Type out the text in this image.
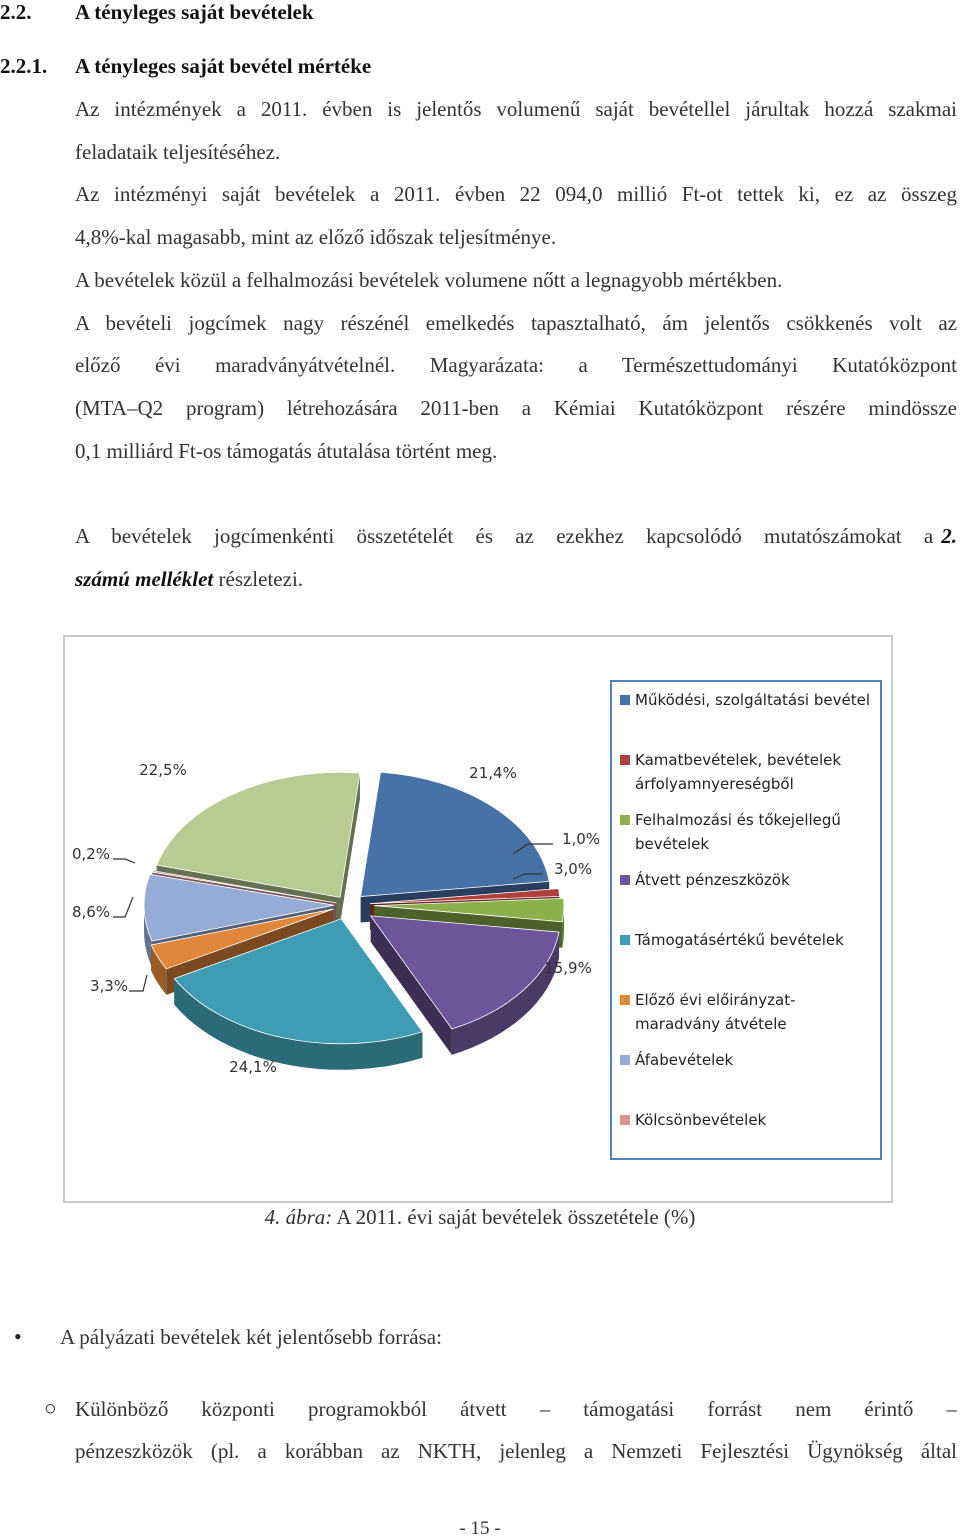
2.2. A tényleges saját bevételek
2.2.1. A tényleges saját bevétel mértéke
Az intézmények a 2011. évben is jelentős volumenű saját bevétellel járultak hozzá szakmai
feladataik teljesítéséhez.
Az intézményi saját bevételek a 2011. évben 22 094,0 millió Ft-ot tettek ki, ez az összeg
4,8%-kal magasabb, mint az előző időszak teljesítménye.
A bevételek közül a felhalmozási bevételek volumene nőtt a legnagyobb mértékben.
A bevételi jogcímek nagy részénél emelkedés tapasztalható, ám jelentős csökkenés volt az
előző évi maradványátvételnél. Magyarázata: a Természettudományi Kutatóközpont
(MTA–Q2 program) létrehozására 2011-ben a Kémiai Kutatóközpont részére mindössze
0,1 milliárd Ft-os támogatás átutalása történt meg.
A bevételek jogcímenkénti összetételét és az ezekhez kapcsolódó mutatószámokat a 2.
számú melléklet részletezi.
21,4%
1,0%
3,0%
15,9%
24,1%
3,3%
8,6%
0,2%
22,5%
Működési, szolgáltatási bevétel
Kamatbevételek, bevételek árfolyamnyereségből
Felhalmozási és tőkejellegű bevételek
Átvett pénzeszközök
Támogatásértékű bevételek
Előző évi előirányzat-maradvány átvétele
Áfabevételek
Kölcsönbevételek
4. ábra: A 2011. évi saját bevételek összetétele (%)
• A pályázati bevételek két jelentősebb forrása:
○ Különböző központi programokból átvett – támogatási forrást nem érintő –
pénzeszközök (pl. a korábban az NKTH, jelenleg a Nemzeti Fejlesztési Ügynökség által
- 15 -
